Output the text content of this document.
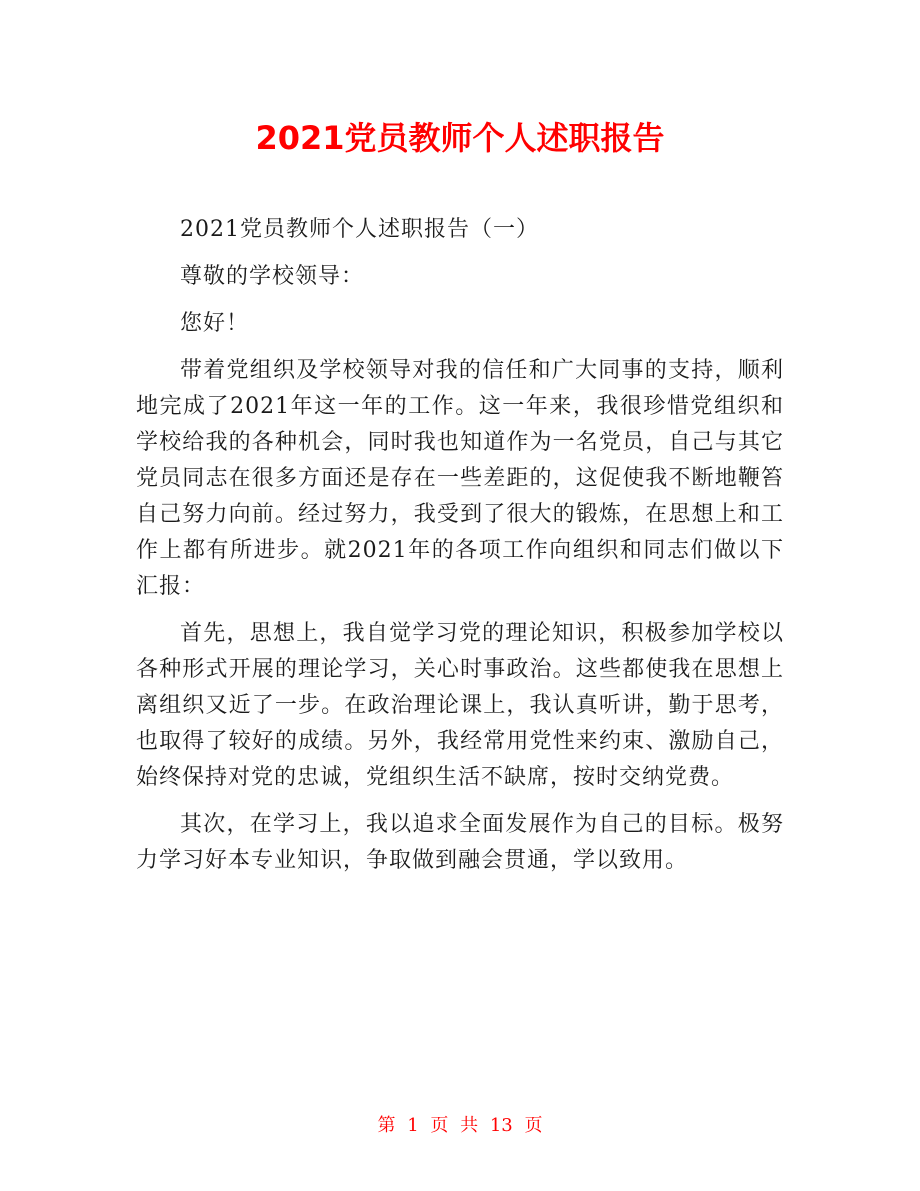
2021党员教师个人述职报告

2021党员教师个人述职报告（一）

尊敬的学校领导：

您好！

带着党组织及学校领导对我的信任和广大同事的支持，顺利地完成了2021年这一年的工作。这一年来，我很珍惜党组织和学校给我的各种机会，同时我也知道作为一名党员，自己与其它党员同志在很多方面还是存在一些差距的，这促使我不断地鞭笞自己努力向前。经过努力，我受到了很大的锻炼，在思想上和工作上都有所进步。就2021年的各项工作向组织和同志们做以下汇报：

首先，思想上，我自觉学习党的理论知识，积极参加学校以各种形式开展的理论学习，关心时事政治。这些都使我在思想上离组织又近了一步。在政治理论课上，我认真听讲，勤于思考，也取得了较好的成绩。另外，我经常用党性来约束、激励自己，始终保持对党的忠诚，党组织生活不缺席，按时交纳党费。

其次，在学习上，我以追求全面发展作为自己的目标。极努力学习好本专业知识，争取做到融会贯通，学以致用。

第 1 页 共 13 页
